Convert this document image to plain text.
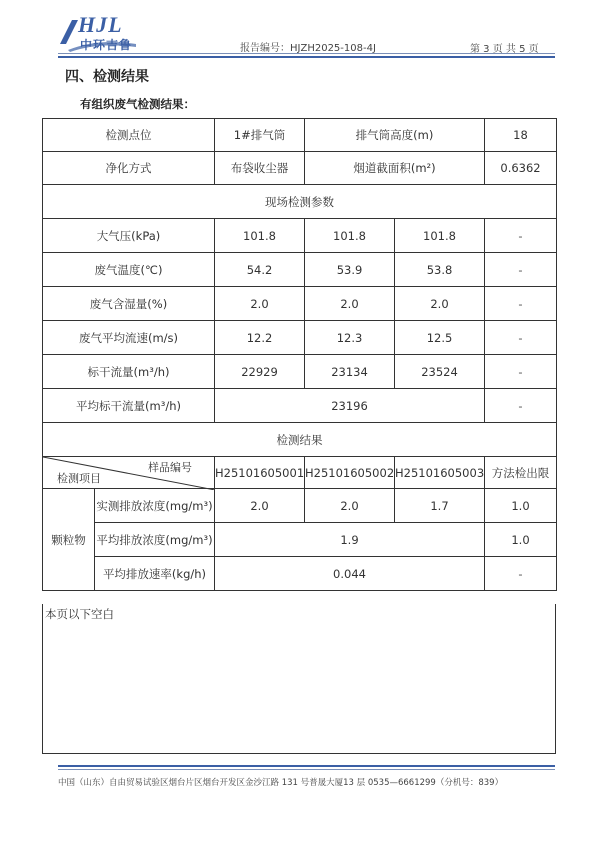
HJL
中环吉鲁	报告编号：HJZH2025-108-4J	第 3 页 共 5 页
四、检测结果
有组织废气检测结果：
检测点位		1#排气筒	排气筒高度(m)		18
净化方式		布袋收尘器	烟道截面积(m²)		0.6362
现场检测参数					
大气压(kPa)		101.8	101.8	101.8	-
废气温度(℃)		54.2	53.9	53.8	-
废气含湿量(%)		2.0	2.0	2.0	-
废气平均流速(m/s)		12.2	12.3	12.5	-
标干流量(m³/h)		22929	23134	23524	-
平均标干流量(m³/h)		23196			-
检测结果					

样品编号
检测项目		H25101605001	H25101605002	H25101605003	方法检出限
颗粒物	实测排放浓度(mg/m³)	2.0	2.0	1.7	1.0
	平均排放浓度(mg/m³)	1.9			1.0
	平均排放速率(kg/h)	0.044			-
本页以下空白
中国（山东）自由贸易试验区烟台片区烟台开发区金沙江路 131 号普晟大厦13 层 0535—6661299（分机号：839）
